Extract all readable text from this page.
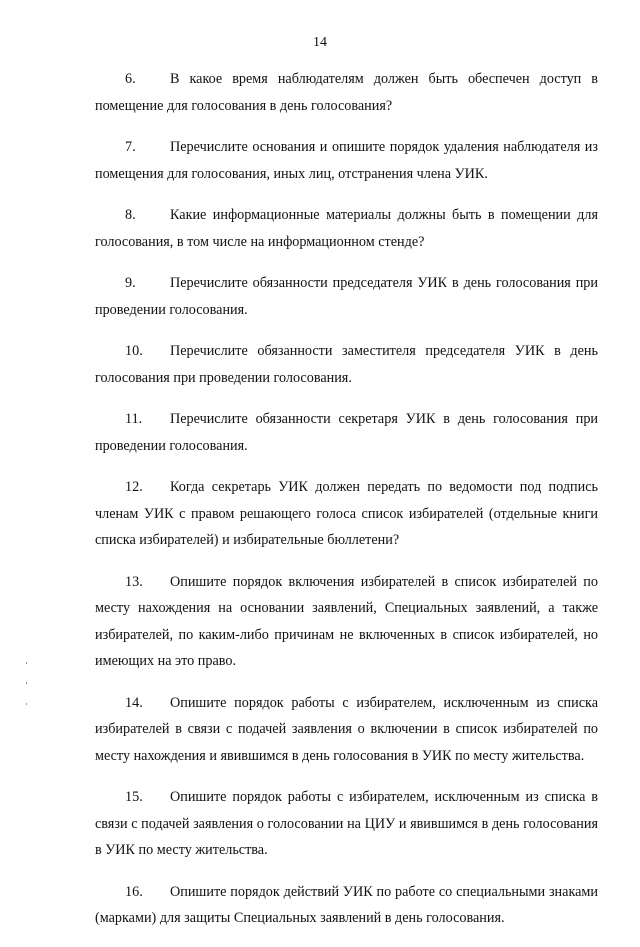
14

6. В какое время наблюдателям должен быть обеспечен доступ в помещение для голосования в день голосования?

7. Перечислите основания и опишите порядок удаления наблюдателя из помещения для голосования, иных лиц, отстранения члена УИК.

8. Какие информационные материалы должны быть в помещении для голосования, в том числе на информационном стенде?

9. Перечислите обязанности председателя УИК в день голосования при проведении голосования.

10. Перечислите обязанности заместителя председателя УИК в день голосования при проведении голосования.

11. Перечислите обязанности секретаря УИК в день голосования при проведении голосования.

12. Когда секретарь УИК должен передать по ведомости под подпись членам УИК с правом решающего голоса список избирателей (отдельные книги списка избирателей) и избирательные бюллетени?

13. Опишите порядок включения избирателей в список избирателей по месту нахождения на основании заявлений, Специальных заявлений, а также избирателей, по каким-либо причинам не включенных в список избирателей, но имеющих на это право.

14. Опишите порядок работы с избирателем, исключенным из списка избирателей в связи с подачей заявления о включении в список избирателей по месту нахождения и явившимся в день голосования в УИК по месту жительства.

15. Опишите порядок работы с избирателем, исключенным из списка в связи с подачей заявления о голосовании на ЦИУ и явившимся в день голосования в УИК по месту жительства.

16. Опишите порядок действий УИК по работе со специальными знаками (марками) для защиты Специальных заявлений в день голосования.
